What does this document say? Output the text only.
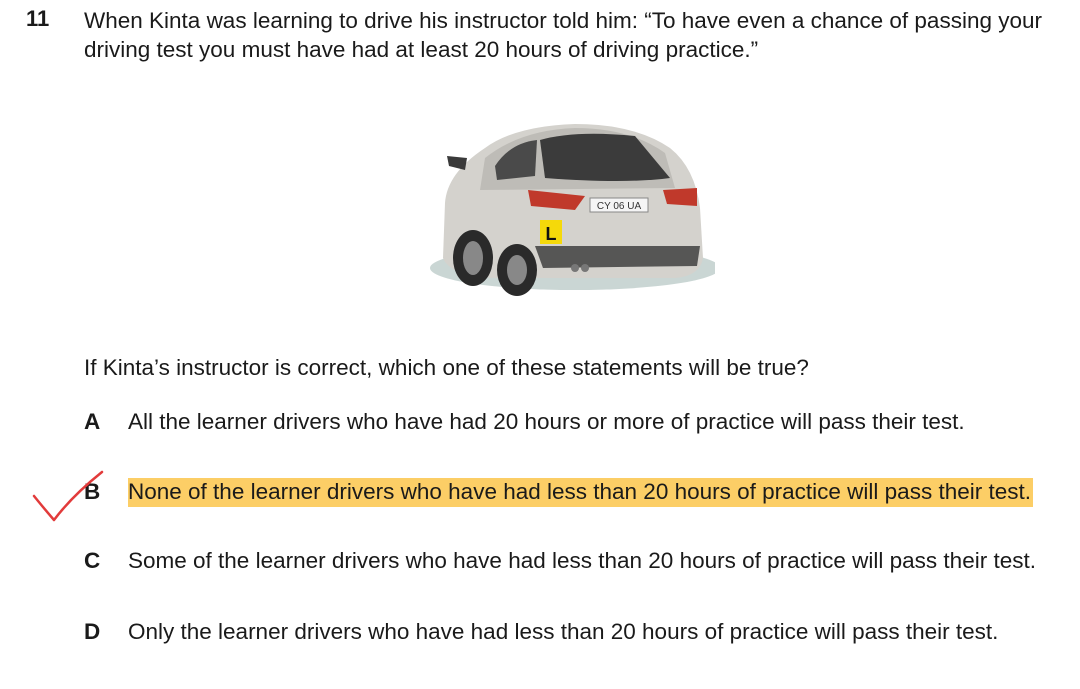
11 When Kinta was learning to drive his instructor told him: “To have even a chance of passing your driving test you must have had at least 20 hours of driving practice.”
CY 06 UA
L
If Kinta’s instructor is correct, which one of these statements will be true?
A All the learner drivers who have had 20 hours or more of practice will pass their test.
B None of the learner drivers who have had less than 20 hours of practice will pass their test.
C Some of the learner drivers who have had less than 20 hours of practice will pass their test.
D Only the learner drivers who have had less than 20 hours of practice will pass their test.
